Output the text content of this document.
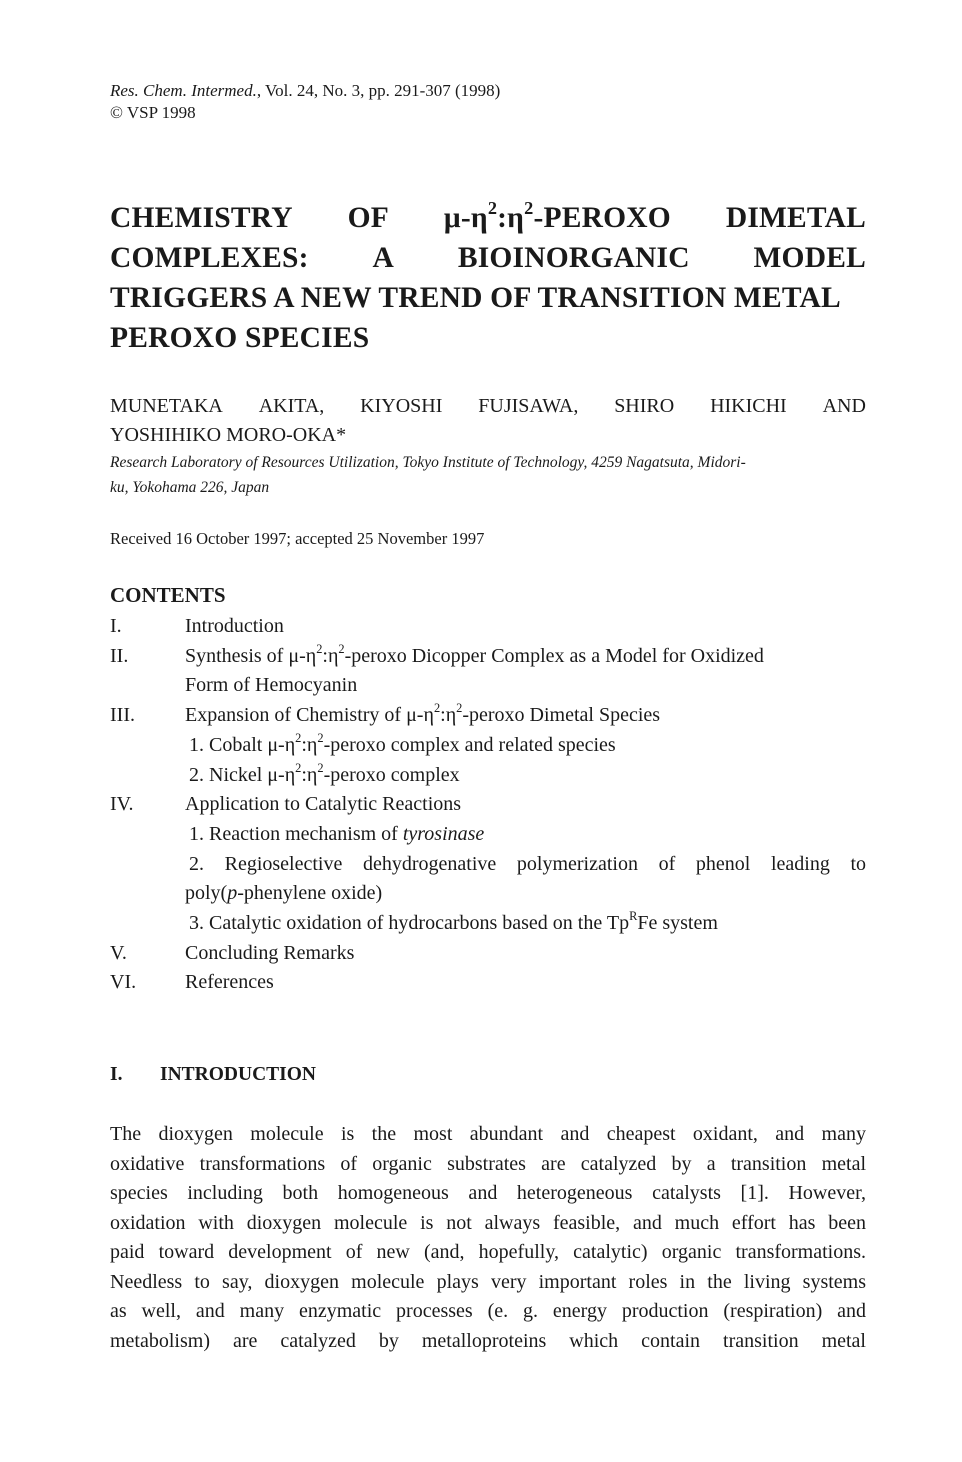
Res. Chem. Intermed., Vol. 24, No. 3, pp. 291-307 (1998)
© VSP 1998
CHEMISTRY OF $\mu-\eta^2:\eta^2$-PEROXO DIMETAL
COMPLEXES: A BIOINORGANIC MODEL
TRIGGERS A NEW TREND OF TRANSITION METAL
PEROXO SPECIES
MUNETAKA AKITA, KIYOSHI FUJISAWA, SHIRO HIKICHI AND
YOSHIHIKO MORO-OKA*
Research Laboratory of Resources Utilization, Tokyo Institute of Technology, 4259 Nagatsuta, Midori-
ku, Yokohama 226, Japan
Received 16 October 1997; accepted 25 November 1997
CONTENTS
I.	Introduction
II.	Synthesis of $\mu-\eta^2:\eta^2$-peroxo Dicopper Complex as a Model for Oxidized
Form of Hemocyanin
III.	Expansion of Chemistry of $\mu-\eta^2:\eta^2$-peroxo Dimetal Species
1. Cobalt $\mu-\eta^2:\eta^2$-peroxo complex and related species
2. Nickel $\mu-\eta^2:\eta^2$-peroxo complex
IV.	Application to Catalytic Reactions
1. Reaction mechanism of tyrosinase
2. Regioselective dehydrogenative polymerization of phenol leading to
poly(p-phenylene oxide)
3. Catalytic oxidation of hydrocarbons based on the $Tp^RFe$ system
V.	Concluding Remarks
VI. References
I. INTRODUCTION
The dioxygen molecule is the most abundant and cheapest oxidant, and many
oxidative transformations of organic substrates are catalyzed by a transition metal
species including both homogeneous and heterogeneous catalysts [1]. However,
oxidation with dioxygen molecule is not always feasible, and much effort has been
paid toward development of new (and, hopefully, catalytic) organic transformations.
Needless to say, dioxygen molecule plays very important roles in the living systems
as well, and many enzymatic processes (e. g. energy production (respiration) and
metabolism) are catalyzed by metalloproteins which contain transition metal
